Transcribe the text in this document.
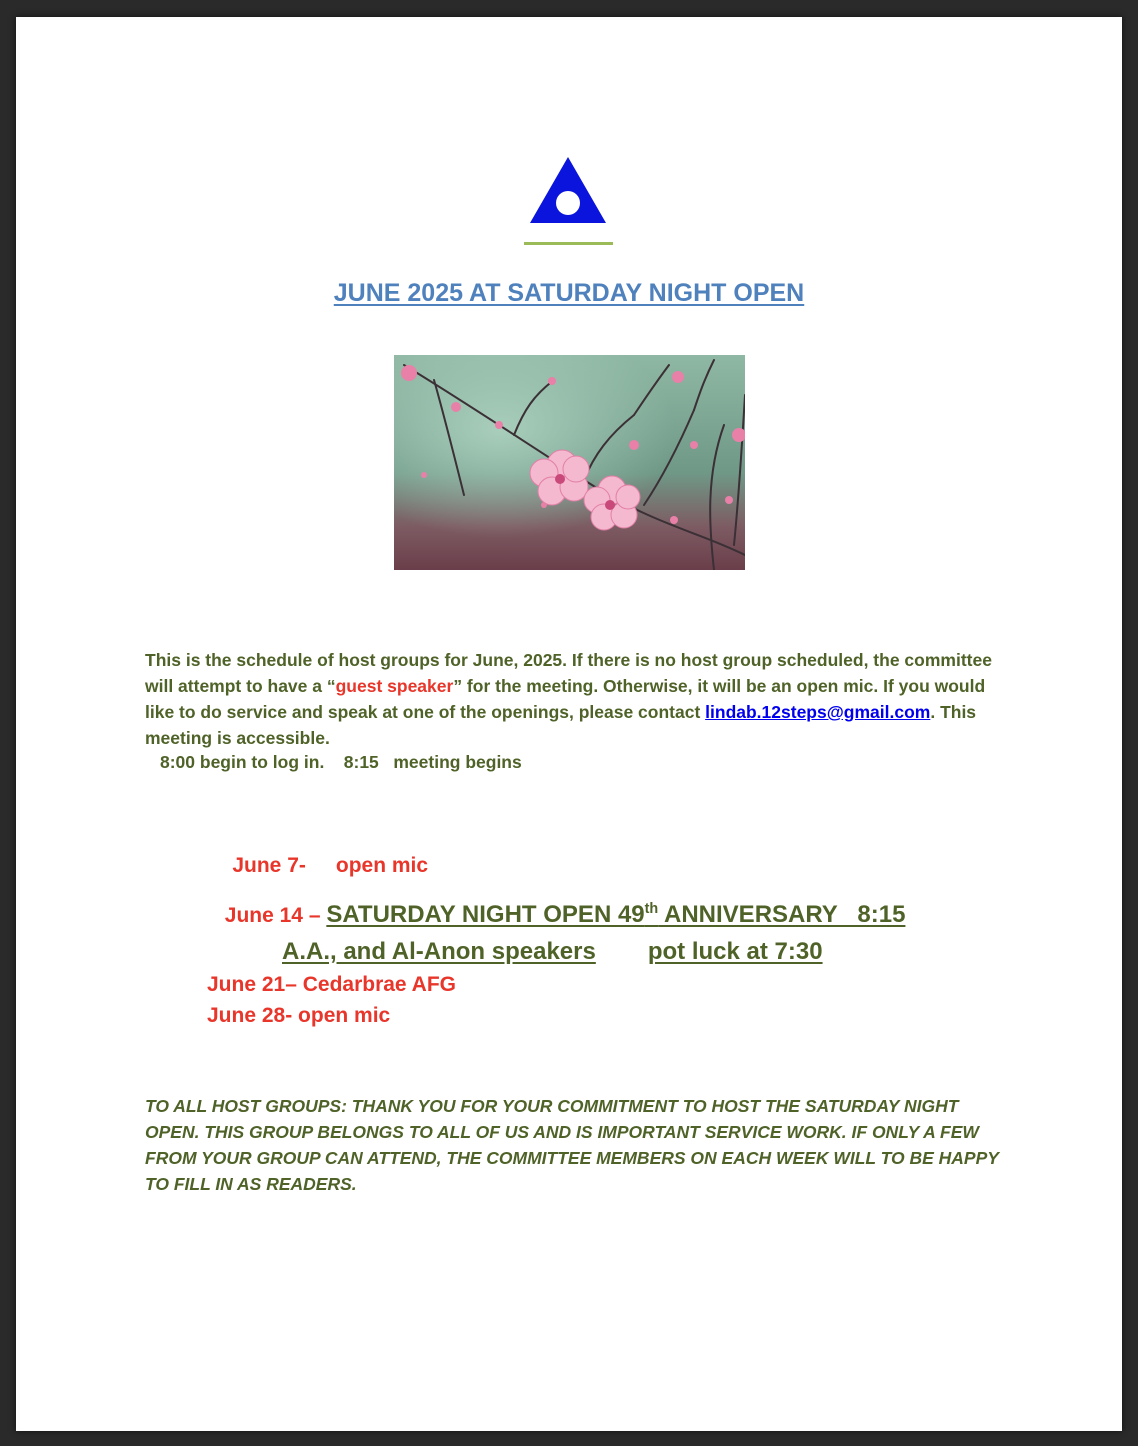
JUNE 2025 AT SATURDAY NIGHT OPEN
This is the schedule of host groups for June, 2025. If there is no host group scheduled, the committee will attempt to have a “guest speaker” for the meeting. Otherwise, it will be an open mic. If you would like to do service and speak at one of the openings, please contact lindab.12steps@gmail.com. This meeting is accessible.
8:00 begin to log in.    8:15   meeting begins

June 7- open mic

June 14 – SATURDAY NIGHT OPEN 49th ANNIVERSARY   8:15

A.A., and Al-Anon speakers pot luck at 7:30
June 21– Cedarbrae AFG
June 28- open mic
TO ALL HOST GROUPS: THANK YOU FOR YOUR COMMITMENT TO HOST THE SATURDAY NIGHT OPEN. THIS GROUP BELONGS TO ALL OF US AND IS IMPORTANT SERVICE WORK. IF ONLY A FEW FROM YOUR GROUP CAN ATTEND, THE COMMITTEE MEMBERS ON EACH WEEK WILL TO BE HAPPY TO FILL IN AS READERS.
